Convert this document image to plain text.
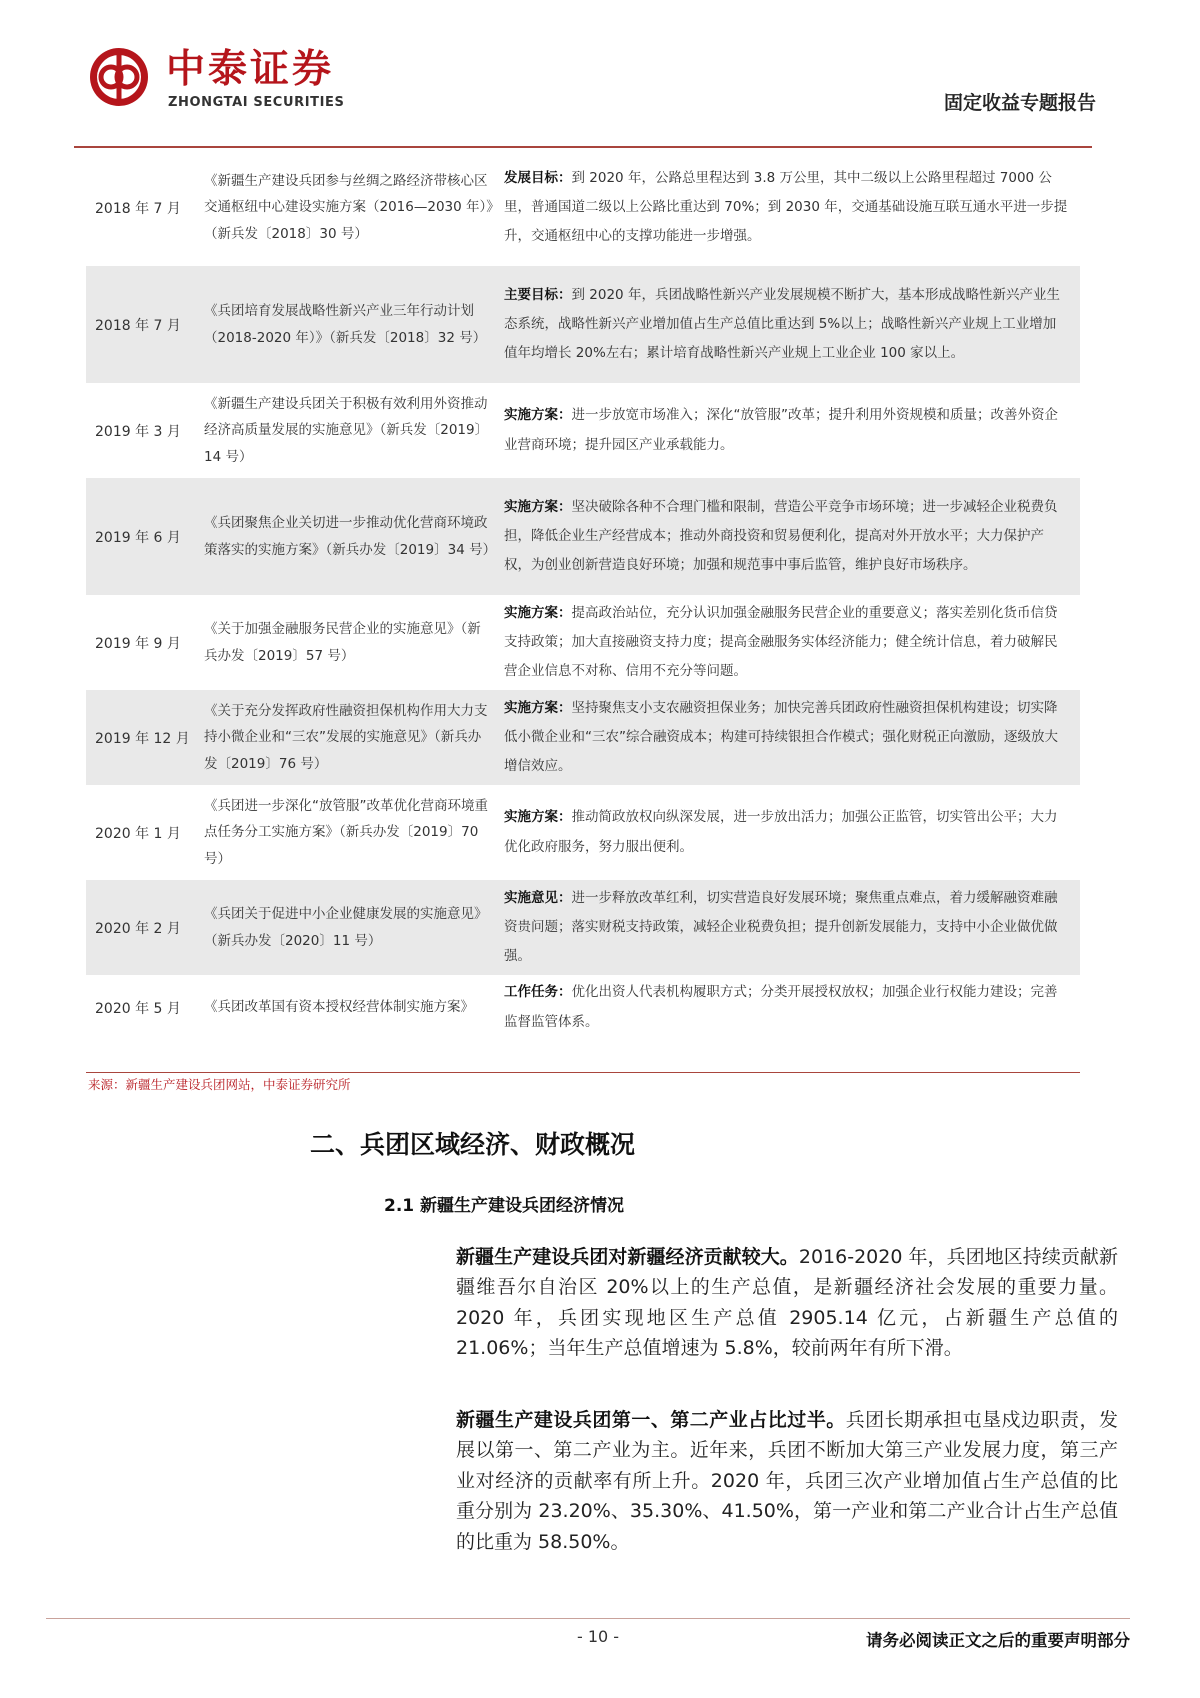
中泰证券
ZHONGTAI SECURITIES	固定收益专题报告
2018 年 7 月	《新疆生产建设兵团参与丝绸之路经济带核心区交通枢纽中心建设实施方案（2016—2030 年）》（新兵发〔2018〕30 号）	发展目标：到 2020 年，公路总里程达到 3.8 万公里，其中二级以上公路里程超过 7000 公里，普通国道二级以上公路比重达到 70%；到 2030 年，交通基础设施互联互通水平进一步提升，交通枢纽中心的支撑功能进一步增强。
2018 年 7 月	《兵团培育发展战略性新兴产业三年行动计划（2018-2020 年）》（新兵发〔2018〕32 号）	主要目标：到 2020 年，兵团战略性新兴产业发展规模不断扩大，基本形成战略性新兴产业生态系统，战略性新兴产业增加值占生产总值比重达到 5%以上；战略性新兴产业规上工业增加值年均增长 20%左右；累计培育战略性新兴产业规上工业企业 100 家以上。
2019 年 3 月	《新疆生产建设兵团关于积极有效利用外资推动经济高质量发展的实施意见》（新兵发〔2019〕14 号）	实施方案：进一步放宽市场准入；深化“放管服”改革；提升利用外资规模和质量；改善外资企业营商环境；提升园区产业承载能力。
2019 年 6 月	《兵团聚焦企业关切进一步推动优化营商环境政策落实的实施方案》（新兵办发〔2019〕34 号）	实施方案：坚决破除各种不合理门槛和限制，营造公平竞争市场环境；进一步减轻企业税费负担，降低企业生产经营成本；推动外商投资和贸易便利化，提高对外开放水平；大力保护产权，为创业创新营造良好环境；加强和规范事中事后监管，维护良好市场秩序。
2019 年 9 月	《关于加强金融服务民营企业的实施意见》（新兵办发〔2019〕57 号）	实施方案：提高政治站位，充分认识加强金融服务民营企业的重要意义；落实差别化货币信贷支持政策；加大直接融资支持力度；提高金融服务实体经济能力；健全统计信息，着力破解民营企业信息不对称、信用不充分等问题。
2019 年 12 月	《关于充分发挥政府性融资担保机构作用大力支持小微企业和“三农”发展的实施意见》（新兵办发〔2019〕76 号）	实施方案：坚持聚焦支小支农融资担保业务；加快完善兵团政府性融资担保机构建设；切实降低小微企业和“三农”综合融资成本；构建可持续银担合作模式；强化财税正向激励，逐级放大增信效应。
2020 年 1 月	《兵团进一步深化“放管服”改革优化营商环境重点任务分工实施方案》（新兵办发〔2019〕70 号）	实施方案：推动简政放权向纵深发展，进一步放出活力；加强公正监管，切实管出公平；大力优化政府服务，努力服出便利。
2020 年 2 月	《兵团关于促进中小企业健康发展的实施意见》（新兵办发〔2020〕11 号）	实施意见：进一步释放改革红利，切实营造良好发展环境；聚焦重点难点，着力缓解融资难融资贵问题；落实财税支持政策，减轻企业税费负担；提升创新发展能力，支持中小企业做优做强。
2020 年 5 月	《兵团改革国有资本授权经营体制实施方案》	工作任务：优化出资人代表机构履职方式；分类开展授权放权；加强企业行权能力建设；完善监督监管体系。
来源：新疆生产建设兵团网站，中泰证券研究所
二、兵团区域经济、财政概况
2.1 新疆生产建设兵团经济情况

新疆生产建设兵团对新疆经济贡献较大。2016-2020 年，兵团地区持续贡献新疆维吾尔自治区 20%以上的生产总值，是新疆经济社会发展的重要力量。2020 年，兵团实现地区生产总值 2905.14 亿元，占新疆生产总值的 21.06%；当年生产总值增速为 5.8%，较前两年有所下滑。

新疆生产建设兵团第一、第二产业占比过半。兵团长期承担屯垦戍边职责，发展以第一、第二产业为主。近年来，兵团不断加大第三产业发展力度，第三产业对经济的贡献率有所上升。2020 年，兵团三次产业增加值占生产总值的比重分别为 23.20%、35.30%、41.50%，第一产业和第二产业合计占生产总值的比重为 58.50%。

- 10 -	请务必阅读正文之后的重要声明部分
